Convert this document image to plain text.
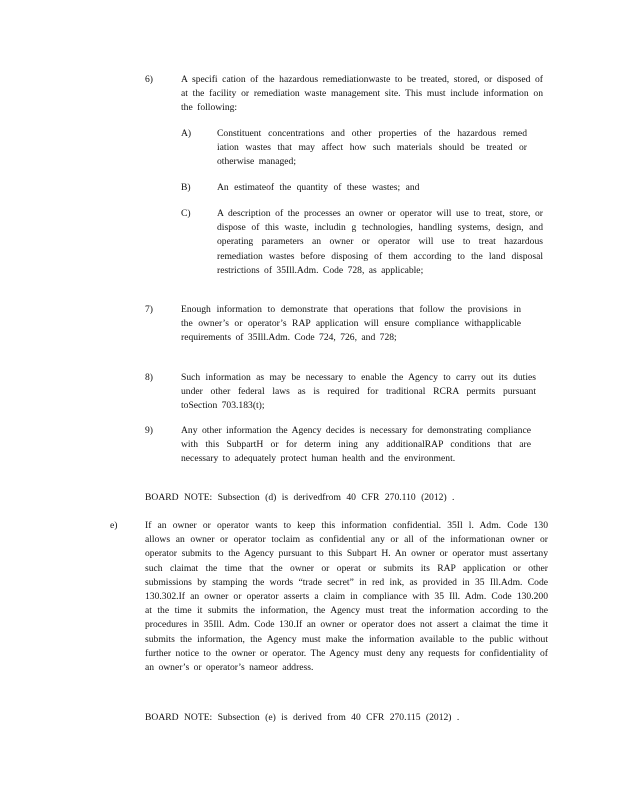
6)	A specifi cation of the hazardous remediationwaste to be treated, stored, or disposed of at the facility or remediation waste management site. This must include information on the following:

A)	Constituent concentrations and other properties of the hazardous remed iation wastes that may affect how such materials should be treated or otherwise managed;

B)	An estimateof the quantity of these wastes; and

C)	A description of the processes an owner or operator will use to treat, store, or dispose of this waste, includin g technologies, handling systems, design, and operating parameters an owner or operator will use to treat hazardous remediation wastes before disposing of them according to the land disposal restrictions of 35Ill.Adm. Code 728, as applicable;

7)	Enough information to demonstrate that operations that follow the provisions in the owner’s or operator’s RAP application will ensure compliance withapplicable requirements of 35Ill.Adm. Code 724, 726, and 728;

8)	Such information as may be necessary to enable the Agency to carry out its duties under other federal laws as is required for traditional RCRA permits pursuant toSection 703.183(t);

9)	Any other information the Agency decides is necessary for demonstrating compliance with this SubpartH or for determ ining any additionalRAP conditions that are necessary to adequately protect human health and the environment.

BOARD NOTE: Subsection (d) is derivedfrom 40 CFR 270.110 (2012) .

e)	If an owner or operator wants to keep this information confidential. 35Il l. Adm. Code 130 allows an owner or operator toclaim as confidential any or all of the informationan owner or operator submits to the Agency pursuant to this Subpart H. An owner or operator must assertany such claimat the time that the owner or operat or submits its RAP application or other submissions by stamping the words “trade secret” in red ink, as provided in 35 Ill.Adm. Code 130.302.If an owner or operator asserts a claim in compliance with 35 Ill. Adm. Code 130.200 at the time it submits the information, the Agency must treat the information according to the procedures in 35Ill. Adm. Code 130.If an owner or operator does not assert a claimat the time it submits the information, the Agency must make the information available to the public without further notice to the owner or operator. The Agency must deny any requests for confidentiality of an owner’s or operator’s nameor address.

BOARD NOTE: Subsection (e) is derived from 40 CFR 270.115 (2012) .
